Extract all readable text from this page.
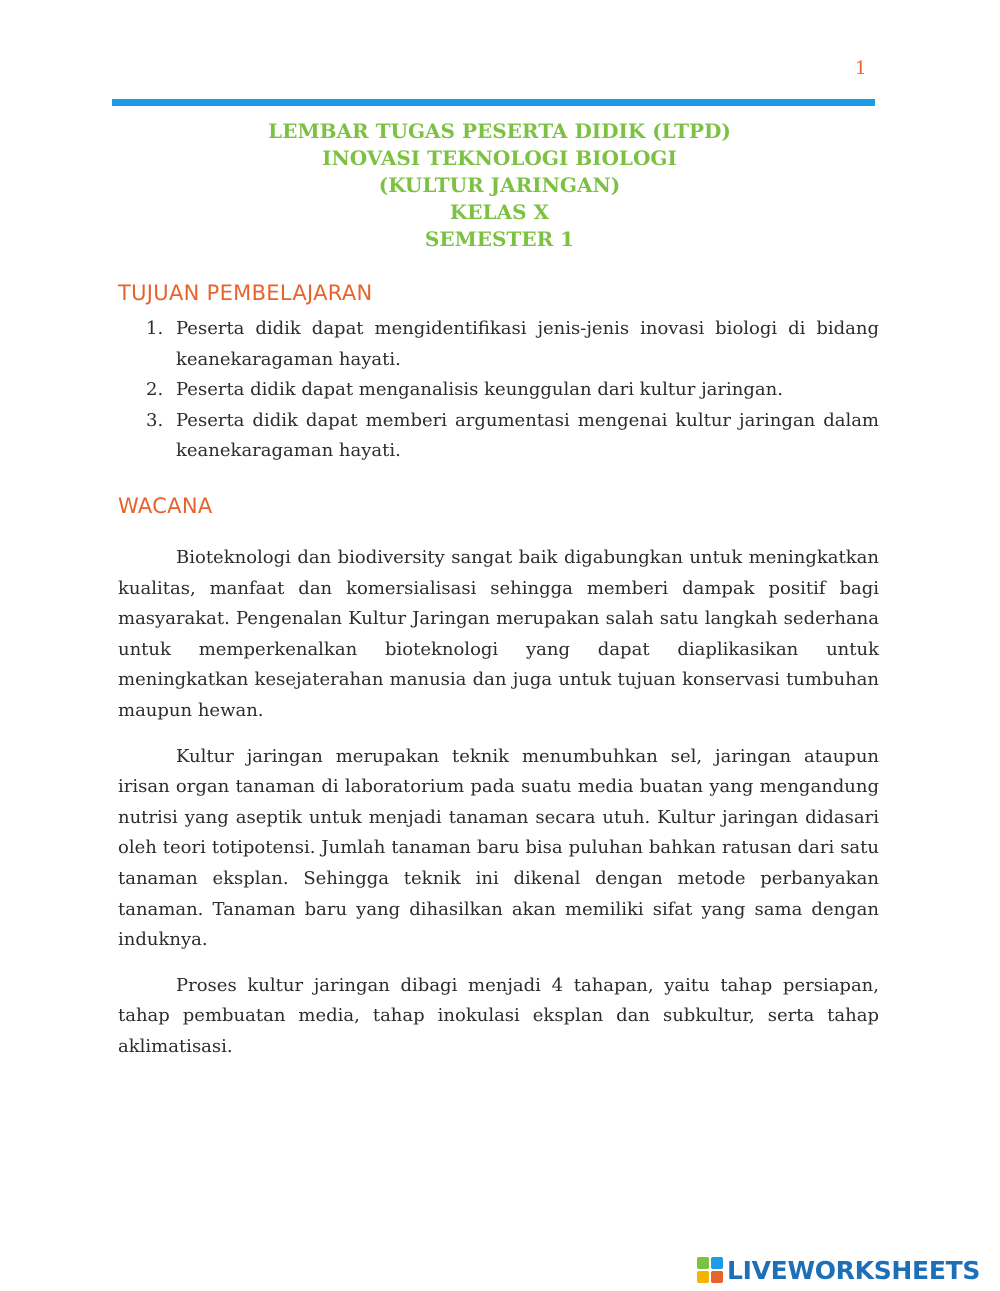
1
LEMBAR TUGAS PESERTA DIDIK (LTPD)
INOVASI TEKNOLOGI BIOLOGI
(KULTUR JARINGAN)
KELAS X
SEMESTER 1
TUJUAN PEMBELAJARAN
1. Peserta didik dapat mengidentifikasi jenis-jenis inovasi biologi di bidang keanekaragaman hayati.
2. Peserta didik dapat menganalisis keunggulan dari kultur jaringan.
3. Peserta didik dapat memberi argumentasi mengenai kultur jaringan dalam keanekaragaman hayati.
WACANA

Bioteknologi dan biodiversity sangat baik digabungkan untuk meningkatkan kualitas, manfaat dan komersialisasi sehingga memberi dampak positif bagi masyarakat. Pengenalan Kultur Jaringan merupakan salah satu langkah sederhana untuk memperkenalkan bioteknologi yang dapat diaplikasikan untuk meningkatkan kesejaterahan manusia dan juga untuk tujuan konservasi tumbuhan maupun hewan.

Kultur jaringan merupakan teknik menumbuhkan sel, jaringan ataupun irisan organ tanaman di laboratorium pada suatu media buatan yang mengandung nutrisi yang aseptik untuk menjadi tanaman secara utuh. Kultur jaringan didasari oleh teori totipotensi. Jumlah tanaman baru bisa puluhan bahkan ratusan dari satu tanaman eksplan. Sehingga teknik ini dikenal dengan metode perbanyakan tanaman. Tanaman baru yang dihasilkan akan memiliki sifat yang sama dengan induknya.

Proses kultur jaringan dibagi menjadi 4 tahapan, yaitu tahap persiapan, tahap pembuatan media, tahap inokulasi eksplan dan subkultur, serta tahap aklimatisasi.

LIVEWORKSHEETS
